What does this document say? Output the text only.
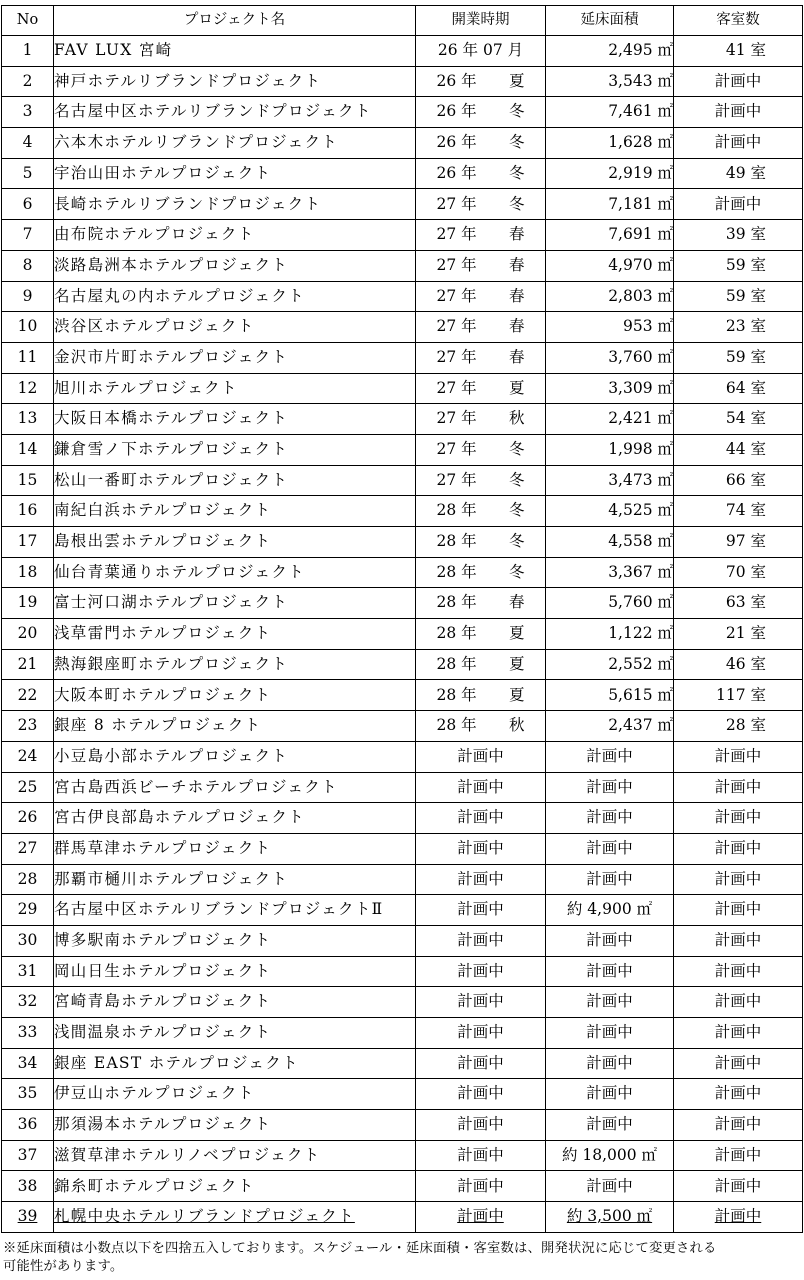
No	プロジェクト名	開業時期	延床面積	客室数
1	FAV LUX 宮崎	26 年 07 月	2,495 ㎡	41 室
2	神戸ホテルリブランドプロジェクト	26 年 夏	3,543 ㎡	計画中
3	名古屋中区ホテルリブランドプロジェクト	26 年 冬	7,461 ㎡	計画中
4	六本木ホテルリブランドプロジェクト	26 年 冬	1,628 ㎡	計画中
5	宇治山田ホテルプロジェクト	26 年 冬	2,919 ㎡	49 室
6	長崎ホテルリブランドプロジェクト	27 年 冬	7,181 ㎡	計画中
7	由布院ホテルプロジェクト	27 年 春	7,691 ㎡	39 室
8	淡路島洲本ホテルプロジェクト	27 年 春	4,970 ㎡	59 室
9	名古屋丸の内ホテルプロジェクト	27 年 春	2,803 ㎡	59 室
10	渋谷区ホテルプロジェクト	27 年 春	953 ㎡	23 室
11	金沢市片町ホテルプロジェクト	27 年 春	3,760 ㎡	59 室
12	旭川ホテルプロジェクト	27 年 夏	3,309 ㎡	64 室
13	大阪日本橋ホテルプロジェクト	27 年 秋	2,421 ㎡	54 室
14	鎌倉雪ノ下ホテルプロジェクト	27 年 冬	1,998 ㎡	44 室
15	松山一番町ホテルプロジェクト	27 年 冬	3,473 ㎡	66 室
16	南紀白浜ホテルプロジェクト	28 年 冬	4,525 ㎡	74 室
17	島根出雲ホテルプロジェクト	28 年 冬	4,558 ㎡	97 室
18	仙台青葉通りホテルプロジェクト	28 年 冬	3,367 ㎡	70 室
19	富士河口湖ホテルプロジェクト	28 年 春	5,760 ㎡	63 室
20	浅草雷門ホテルプロジェクト	28 年 夏	1,122 ㎡	21 室
21	熱海銀座町ホテルプロジェクト	28 年 夏	2,552 ㎡	46 室
22	大阪本町ホテルプロジェクト	28 年 夏	5,615 ㎡	117 室
23	銀座 8 ホテルプロジェクト	28 年 秋	2,437 ㎡	28 室
24	小豆島小部ホテルプロジェクト	計画中	計画中	計画中
25	宮古島西浜ビーチホテルプロジェクト	計画中	計画中	計画中
26	宮古伊良部島ホテルプロジェクト	計画中	計画中	計画中
27	群馬草津ホテルプロジェクト	計画中	計画中	計画中
28	那覇市樋川ホテルプロジェクト	計画中	計画中	計画中
29	名古屋中区ホテルリブランドプロジェクトⅡ	計画中	約 4,900 ㎡	計画中
30	博多駅南ホテルプロジェクト	計画中	計画中	計画中
31	岡山日生ホテルプロジェクト	計画中	計画中	計画中
32	宮崎青島ホテルプロジェクト	計画中	計画中	計画中
33	浅間温泉ホテルプロジェクト	計画中	計画中	計画中
34	銀座 EAST ホテルプロジェクト	計画中	計画中	計画中
35	伊豆山ホテルプロジェクト	計画中	計画中	計画中
36	那須湯本ホテルプロジェクト	計画中	計画中	計画中
37	滋賀草津ホテルリノベプロジェクト	計画中	約 18,000 ㎡	計画中
38	錦糸町ホテルプロジェクト	計画中	計画中	計画中
39	札幌中央ホテルリブランドプロジェクト	計画中	約 3,500 ㎡	計画中
※延床面積は小数点以下を四捨五入しております。スケジュール・延床面積・客室数は、開発状況に応じて変更される
可能性があります。
